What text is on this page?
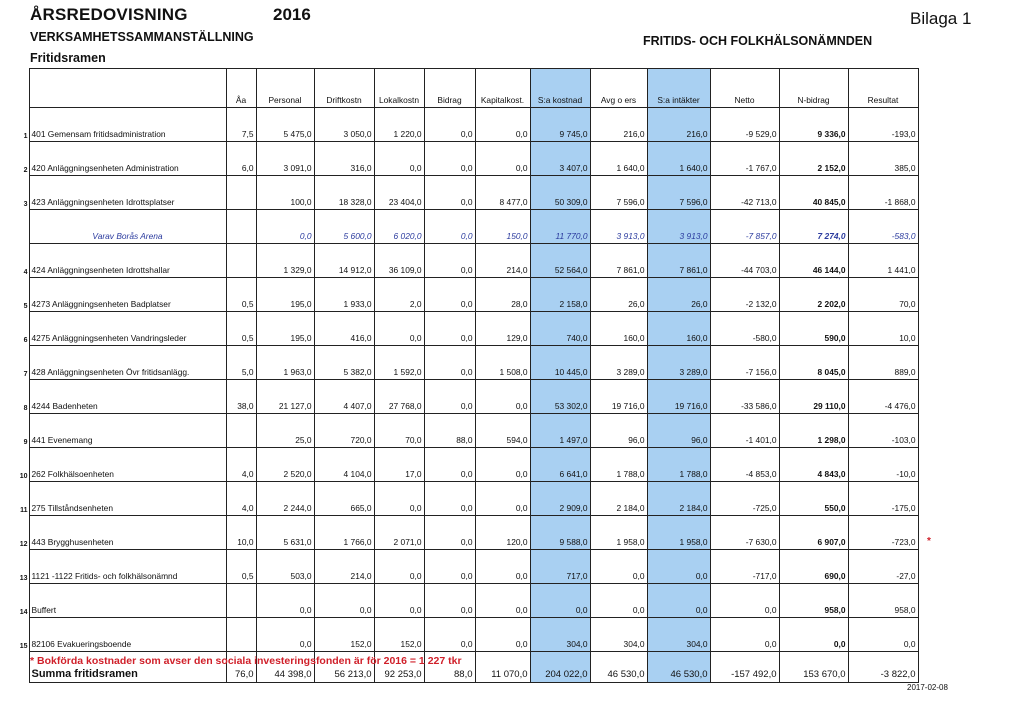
ÅRSREDOVISNING	2016	Bilaga 1
VERKSAMHETSSAMMANSTÄLLNING	FRITIDS- OCH FOLKHÄLSONÄMNDEN
Fritidsramen
		Åa	Personal	Driftkostn	Lokalkostn	Bidrag	Kapitalkost.	S:a kostnad	Avg o ers	S:a intäkter	Netto	N-bidrag	Resultat
1	401 Gemensam fritidsadministration	7,5	5 475,0	3 050,0	1 220,0	0,0	0,0	9 745,0	216,0	216,0	-9 529,0	9 336,0	-193,0
2	420 Anläggningsenheten Administration	6,0	3 091,0	316,0	0,0	0,0	0,0	3 407,0	1 640,0	1 640,0	-1 767,0	2 152,0	385,0
3	423 Anläggningsenheten Idrottsplatser		100,0	18 328,0	23 404,0	0,0	8 477,0	50 309,0	7 596,0	7 596,0	-42 713,0	40 845,0	-1 868,0
	Varav Borås Arena		0,0	5 600,0	6 020,0	0,0	150,0	11 770,0	3 913,0	3 913,0	-7 857,0	7 274,0	-583,0
4	424 Anläggningsenheten Idrottshallar		1 329,0	14 912,0	36 109,0	0,0	214,0	52 564,0	7 861,0	7 861,0	-44 703,0	46 144,0	1 441,0
5	4273 Anläggningsenheten Badplatser	0,5	195,0	1 933,0	2,0	0,0	28,0	2 158,0	26,0	26,0	-2 132,0	2 202,0	70,0
6	4275 Anläggningsenheten Vandringsleder	0,5	195,0	416,0	0,0	0,0	129,0	740,0	160,0	160,0	-580,0	590,0	10,0
7	428 Anläggningsenheten Övr fritidsanlägg.	5,0	1 963,0	5 382,0	1 592,0	0,0	1 508,0	10 445,0	3 289,0	3 289,0	-7 156,0	8 045,0	889,0
8	4244 Badenheten	38,0	21 127,0	4 407,0	27 768,0	0,0	0,0	53 302,0	19 716,0	19 716,0	-33 586,0	29 110,0	-4 476,0
9	441 Evenemang		25,0	720,0	70,0	88,0	594,0	1 497,0	96,0	96,0	-1 401,0	1 298,0	-103,0
10	262 Folkhälsoenheten	4,0	2 520,0	4 104,0	17,0	0,0	0,0	6 641,0	1 788,0	1 788,0	-4 853,0	4 843,0	-10,0
11	275 Tillståndsenheten	4,0	2 244,0	665,0	0,0	0,0	0,0	2 909,0	2 184,0	2 184,0	-725,0	550,0	-175,0
12	443 Brygghusenheten	10,0	5 631,0	1 766,0	2 071,0	0,0	120,0	9 588,0	1 958,0	1 958,0	-7 630,0	6 907,0	-723,0
13	1121 -1122 Fritids- och folkhälsonämnd	0,5	503,0	214,0	0,0	0,0	0,0	717,0	0,0	0,0	-717,0	690,0	-27,0
14	Buffert		0,0	0,0	0,0	0,0	0,0	0,0	0,0	0,0	0,0	958,0	958,0
15	82106 Evakueringsboende		0,0	152,0	152,0	0,0	0,0	304,0	304,0	304,0	0,0	0,0	0,0
	Summa fritidsramen	76,0	44 398,0	56 213,0	92 253,0	88,0	11 070,0	204 022,0	46 530,0	46 530,0	-157 492,0	153 670,0	-3 822,0
* Bokförda kostnader som avser den sociala investeringsfonden är för 2016 = 1 227 tkr
2017-02-08
*
